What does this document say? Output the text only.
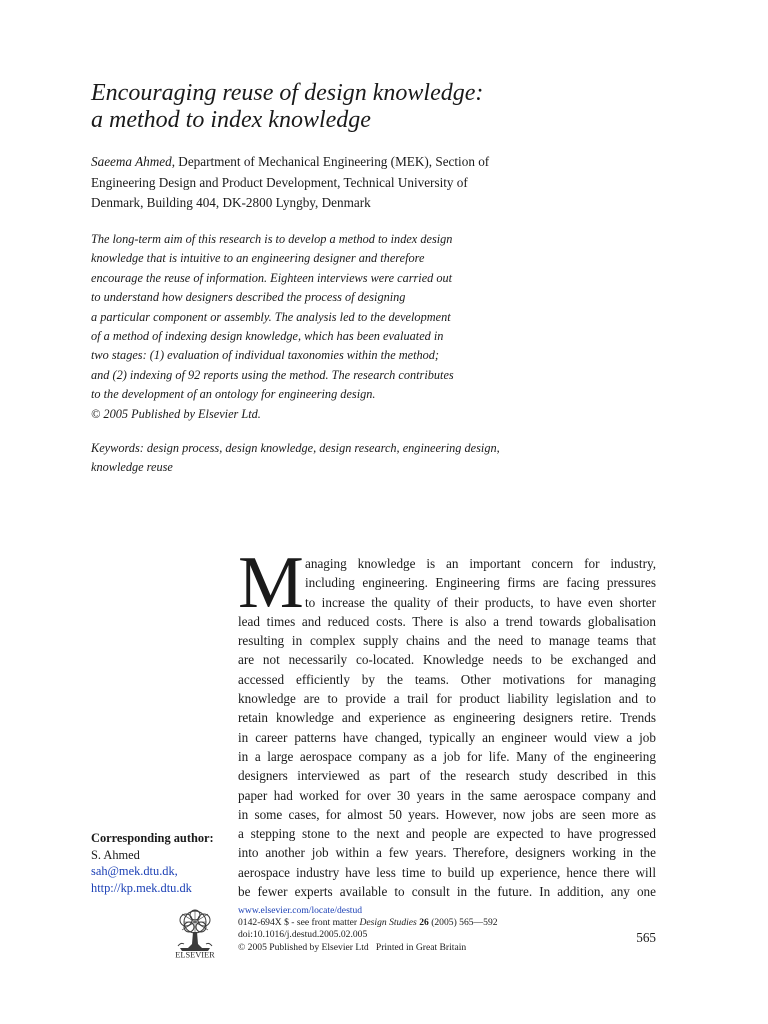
Encouraging reuse of design knowledge:
a method to index knowledge
Saeema Ahmed, Department of Mechanical Engineering (MEK), Section of Engineering Design and Product Development, Technical University of Denmark, Building 404, DK-2800 Lyngby, Denmark
The long-term aim of this research is to develop a method to index design
knowledge that is intuitive to an engineering designer and therefore
encourage the reuse of information. Eighteen interviews were carried out
to understand how designers described the process of designing
a particular component or assembly. The analysis led to the development
of a method of indexing design knowledge, which has been evaluated in
two stages: (1) evaluation of individual taxonomies within the method;
and (2) indexing of 92 reports using the method. The research contributes
to the development of an ontology for engineering design.
© 2005 Published by Elsevier Ltd.
Keywords: design process, design knowledge, design research, engineering design, knowledge reuse
M anaging knowledge is an important concern for industry,
including engineering. Engineering firms are facing pressures
to increase the quality of their products, to have even shorter
lead times and reduced costs. There is also a trend towards globalisation
resulting in complex supply chains and the need to manage teams that
are not necessarily co-located. Knowledge needs to be exchanged and
accessed efficiently by the teams. Other motivations for managing
knowledge are to provide a trail for product liability legislation and to
retain knowledge and experience as engineering designers retire. Trends
in career patterns have changed, typically an engineer would view a job
in a large aerospace company as a job for life. Many of the engineering
designers interviewed as part of the research study described in this
paper had worked for over 30 years in the same aerospace company and
in some cases, for almost 50 years. However, now jobs are seen more as
a stepping stone to the next and people are expected to have progressed
into another job within a few years. Therefore, designers working in the
aerospace industry have less time to build up experience, hence there will
be fewer experts available to consult in the future. In addition, any one
Corresponding author:
S. Ahmed
sah@mek.dtu.dk,
http://kp.mek.dtu.dk
ELSEVIER
www.elsevier.com/locate/destud
0142-694X $ - see front matter Design Studies 26 (2005) 565—592
doi:10.1016/j.destud.2005.02.005
© 2005 Published by Elsevier Ltd   Printed in Great Britain
565
